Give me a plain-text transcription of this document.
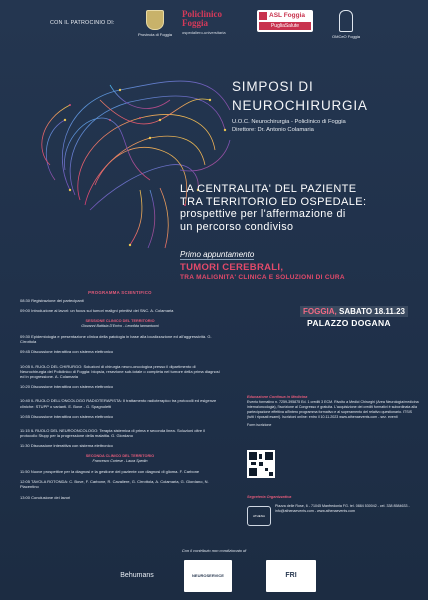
CON IL PATROCINIO DI:
Provincia di Foggia
Policlinico
Foggia
ospedaliero-universitaria
ASL Foggia
PugliaSalute
OMCeO Foggia
SIMPOSI DI
NEUROCHIRURGIA
U.O.C. Neurochirurgia - Policlinico di Foggia
Direttore: Dr. Antonio Colamaria
LA CENTRALITA' DEL PAZIENTE
TRA TERRITORIO ED OSPEDALE:
prospettive per l'affermazione di
un percorso condiviso
Primo appuntamento
TUMORI CEREBRALI,
TRA MALIGNITA' CLINICA E SOLUZIONI DI CURA
FOGGIA, SABATO 18.11.23
PALAZZO DOGANA
PROGRAMMA SCIENTIFICO
08:30 Registrazione dei partecipanti
09:00 Introduzione ai lavori: un focus sui tumori maligni primitivi del SNC. A. Colamaria
SESSIONE CLINICO DEL TERRITORIO
Giovanni Battista D'Errico - Leonilda Iannantuoni
09:30 Epidemiologia e presentazione clinica della patologia in base alla localizzazione ed all'aggressività. G. Cirrottola
09:45 Discussione interattiva con sistema elettronico
10:05 IL RUOLO DEL CHIRURGO: Soluzioni di chirurgia neuro-oncologica presso il dipartimento di Neurochirurgia del Policlinico di Foggia: biopsia, resezione sub-totale o completa nel tumore della prima diagnosi ed in progressione. A. Colamaria
10:20 Discussione interattiva con sistema elettronico
10:40 IL RUOLO DELL'ONCOLOGO RADIOTERAPISTA: Il trattamento radioterapico tra protocolli ed esigenze cliniche: STUPP o varianti. E. Bove - G. Spagnoletti
10:55 Discussione interattiva con sistema elettronico
11:15 IL RUOLO DEL NEUROONCOLOGO: Terapia sistemica di prima e seconda linea. Soluzioni oltre il protocollo Stupp per la progressione della malattia. G. Giordano
11:30 Discussione interattiva con sistema elettronico
SECONDA CLINICO DEL TERRITORIO
Francesco Cortese - Laura Spedin
11:50 Nuove prospettive per la diagnosi e la gestione del paziente con diagnosi di glioma. F. Carbone
12:05 TAVOLA ROTONDA: C. Bove, F. Carbone, R. Cavaliere, G. Cirrottola, A. Colamaria, G. Giordano, N. Piacentino
13:00 Conclusione dei lavori
Educazione Continua in Medicina
Evento formativo n. 7259-395875 Ed. 1 crediti 3 ECM. Rivolto a Medici Chirurghi (Area Neurologia/medicina interna/oncologia), l'iscrizione al Congresso è gratuita. L'acquisizione dei crediti formativi è subordinata alla partecipazione effettiva all'intero programma formativo e al superamento del relativo questionario. ITSIS (tutti i riposati esami). Iscrizioni online: entro il 10.11.2023 www.athenaevents.com - sez. eventi
Form iscrizione
Segreteria Organizzativa
ATHENA
Piazza delle Rose, 6 - 71045 Manfredonia FG. tel. 0884 530042 - cel. 338 8584633 - info@athenaevents.com - www.athenaevents.com
Con il contributo non condizionato di
Behumans	NEUROSERVICE	FRI
